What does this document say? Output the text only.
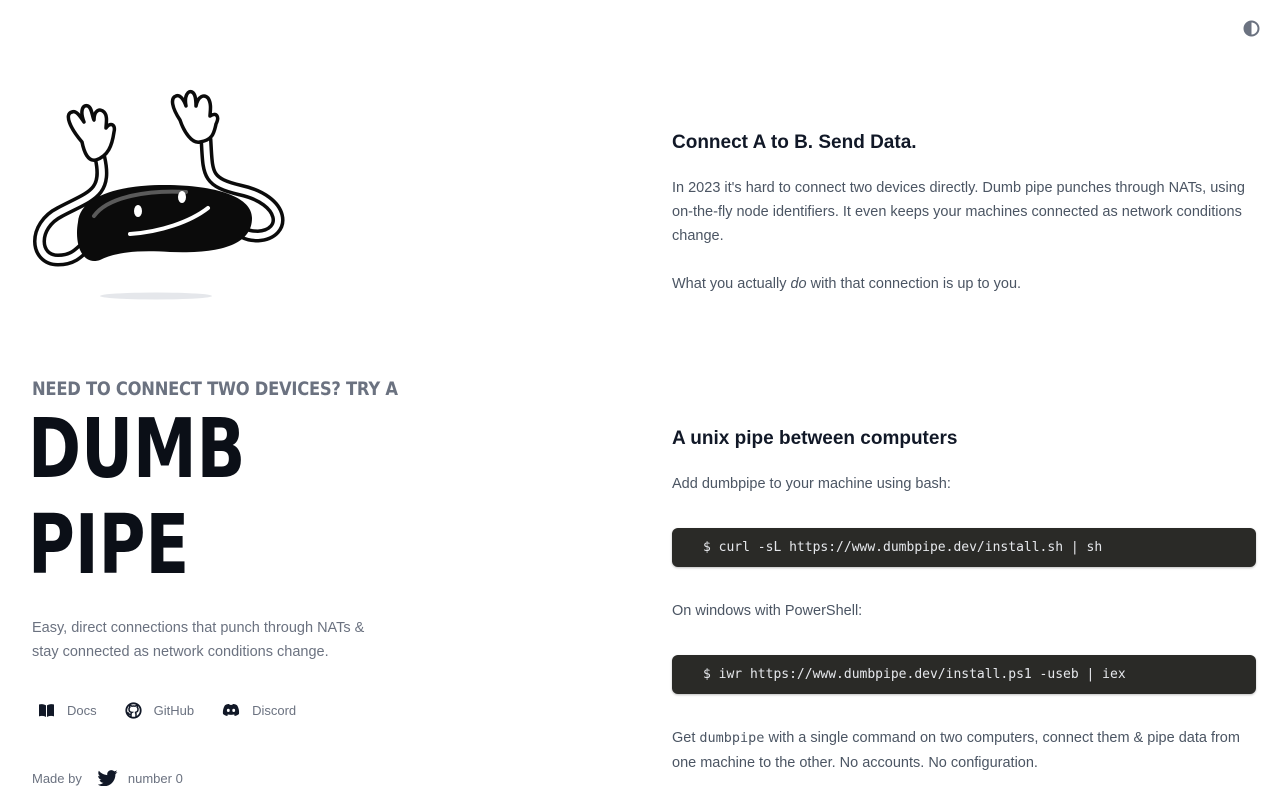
NEED TO CONNECT TWO DEVICES? TRY A
DUMB
PIPE
Easy, direct connections that punch through NATs & stay connected as network conditions change.
Docs	GitHub	Discord
Made by	number 0
Connect A to B. Send Data.
In 2023 it's hard to connect two devices directly. Dumb pipe punches through NATs, using on-the-fly node identifiers. It even keeps your machines connected as network conditions change.
What you actually do with that connection is up to you.
A unix pipe between computers
Add dumbpipe to your machine using bash:
$ curl -sL https://www.dumbpipe.dev/install.sh | sh
On windows with PowerShell:
$ iwr https://www.dumbpipe.dev/install.ps1 -useb | iex
Get dumbpipe with a single command on two computers, connect them & pipe data from one machine to the other. No accounts. No configuration.
